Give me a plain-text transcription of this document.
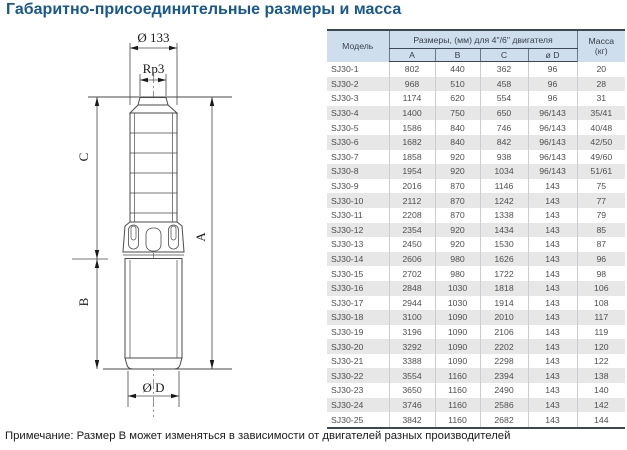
Габаритно-присоединительные размеры и масса
Ø 133
Rp3
A
C
B
Ø D
Модель	Размеры, (мм) для 4"/6" двигателя				Масса
(кг)

	A	B	C	ø D	
SJ30-1	802	440	362	96	20
SJ30-2	968	510	458	96	28
SJ30-3	1174	620	554	96	31
SJ30-4	1400	750	650	96/143	35/41
SJ30-5	1586	840	746	96/143	40/48
SJ30-6	1682	840	842	96/143	42/50
SJ30-7	1858	920	938	96/143	49/60
SJ30-8	1954	920	1034	96/143	51/61
SJ30-9	2016	870	1146	143	75
SJ30-10	2112	870	1242	143	77
SJ30-11	2208	870	1338	143	79
SJ30-12	2354	920	1434	143	85
SJ30-13	2450	920	1530	143	87
SJ30-14	2606	980	1626	143	96
SJ30-15	2702	980	1722	143	98
SJ30-16	2848	1030	1818	143	106
SJ30-17	2944	1030	1914	143	108
SJ30-18	3100	1090	2010	143	117
SJ30-19	3196	1090	2106	143	119
SJ30-20	3292	1090	2202	143	120
SJ30-21	3388	1090	2298	143	122
SJ30-22	3554	1160	2394	143	138
SJ30-23	3650	1160	2490	143	140
SJ30-24	3746	1160	2586	143	142
SJ30-25	3842	1160	2682	143	144
Примечание: Размер В может изменяться в зависимости от двигателей разных производителей
